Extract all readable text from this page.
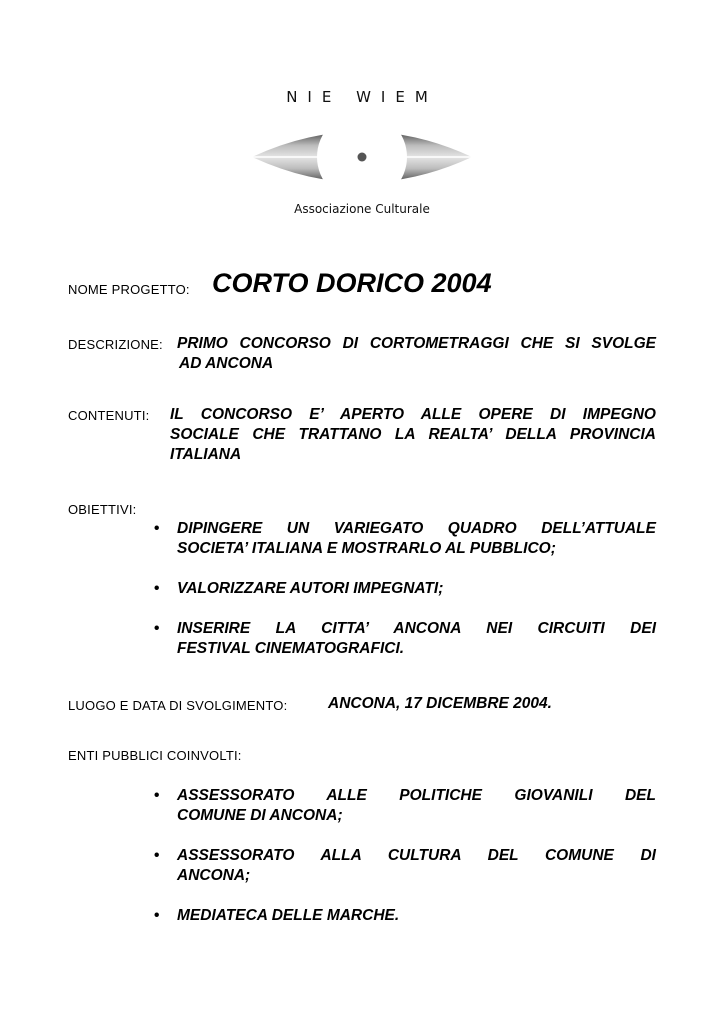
NIE WIEM
Associazione Culturale
NOME PROGETTO: CORTO DORICO 2004
DESCRIZIONE: PRIMO CONCORSO DI CORTOMETRAGGI CHE SI SVOLGE
AD ANCONA
CONTENUTI: IL CONCORSO E’ APERTO ALLE OPERE DI IMPEGNO
SOCIALE CHE TRATTANO LA REALTA’ DELLA PROVINCIA
ITALIANA
OBIETTIVI:
• DIPINGERE UN VARIEGATO QUADRO DELL’ATTUALE
SOCIETA’ ITALIANA E MOSTRARLO AL PUBBLICO;
• VALORIZZARE AUTORI IMPEGNATI;
• INSERIRE LA CITTA’ ANCONA NEI CIRCUITI DEI
FESTIVAL CINEMATOGRAFICI.
LUOGO E DATA DI SVOLGIMENTO:	ANCONA, 17 DICEMBRE 2004.
ENTI PUBBLICI COINVOLTI:
• ASSESSORATO ALLE POLITICHE GIOVANILI DEL
COMUNE DI ANCONA;
• ASSESSORATO ALLA CULTURA DEL COMUNE DI
ANCONA;
• MEDIATECA DELLE MARCHE.
